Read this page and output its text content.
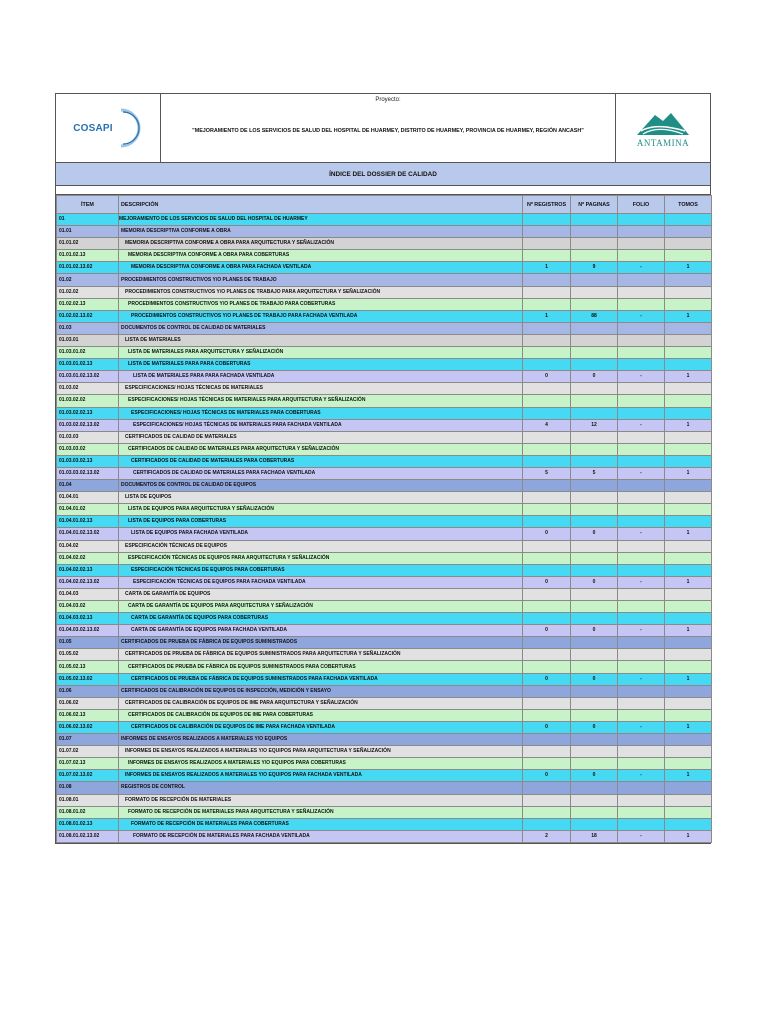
COSAPI
Proyecto:
"MEJORAMIENTO DE LOS SERVICIOS DE SALUD DEL HOSPITAL DE HUARMEY, DISTRITO DE HUARMEY, PROVINCIA DE HUARMEY, REGIÓN ANCASH"
ANTAMINA
ÍNDICE DEL DOSSIER DE CALIDAD
ÍTEM	DESCRIPCIÓN	Nº REGISTROS	Nº PAGINAS	FOLIO	TOMOS
01	MEJORAMIENTO DE LOS SERVICIOS DE SALUD DEL HOSPITAL DE HUARMEY				
01.01	MEMORIA DESCRIPTIVA CONFORME A OBRA				
01.01.02	MEMORIA DESCRIPTIVA CONFORME A OBRA PARA ARQUITECTURA Y SEÑALIZACIÓN				
01.01.02.13	MEMORIA DESCRIPTIVA CONFORME A OBRA PARA COBERTURAS				
01.01.02.13.02	MEMORIA DESCRIPTIVA CONFORME A OBRA PARA FACHADA VENTILADA	1	9	-	1
01.02	PROCEDIMIENTOS CONSTRUCTIVOS Y/O PLANES DE TRABAJO				
01.02.02	PROCEDIMIENTOS CONSTRUCTIVOS Y/O PLANES DE TRABAJO PARA ARQUITECTURA Y SEÑALIZACIÓN				
01.02.02.13	PROCEDIMIENTOS CONSTRUCTIVOS Y/O PLANES DE TRABAJO PARA COBERTURAS				
01.02.02.13.02	PROCEDIMIENTOS CONSTRUCTIVOS Y/O PLANES DE TRABAJO PARA FACHADA VENTILADA	1	88	-	1
01.03	DOCUMENTOS DE CONTROL DE CALIDAD DE MATERIALES				
01.03.01	LISTA DE MATERIALES				
01.03.01.02	LISTA DE MATERIALES PARA ARQUITECTURA Y SEÑALIZACIÓN				
01.03.01.02.13	LISTA DE MATERIALES PARA PARA COBERTURAS				
01.03.01.02.13.02	LISTA DE MATERIALES PARA PARA FACHADA VENTILADA	0	0	-	1
01.03.02	ESPECIFICACIONES/ HOJAS TÉCNICAS DE MATERIALES				
01.03.02.02	ESPECIFICACIONES/ HOJAS TÉCNICAS DE MATERIALES PARA ARQUITECTURA Y SEÑALIZACIÓN				
01.03.02.02.13	ESPECIFICACIONES/ HOJAS TÉCNICAS DE MATERIALES PARA COBERTURAS				
01.03.02.02.13.02	ESPECIFICACIONES/ HOJAS TÉCNICAS DE MATERIALES PARA FACHADA VENTILADA	4	12	-	1
01.03.03	CERTIFICADOS DE CALIDAD DE MATERIALES				
01.03.03.02	CERTIFICADOS DE CALIDAD DE MATERIALES PARA ARQUITECTURA Y SEÑALIZACIÓN				
01.03.03.02.13	CERTIFICADOS DE CALIDAD DE MATERIALES PARA COBERTURAS				
01.03.03.02.13.02	CERTIFICADOS DE CALIDAD DE MATERIALES PARA FACHADA VENTILADA	5	5	-	1
01.04	DOCUMENTOS DE CONTROL DE CALIDAD DE EQUIPOS				
01.04.01	LISTA DE EQUIPOS				
01.04.01.02	LISTA DE EQUIPOS PARA ARQUITECTURA Y SEÑALIZACIÓN				
01.04.01.02.13	LISTA DE EQUIPOS PARA COBERTURAS				
01.04.01.02.13.02	LISTA DE EQUIPOS PARA FACHADA VENTILADA	0	0	-	1
01.04.02	ESPECIFICACIÓN TÉCNICAS DE EQUIPOS				
01.04.02.02	ESPECIFICACIÓN TÉCNICAS DE EQUIPOS PARA ARQUITECTURA Y SEÑALIZACIÓN				
01.04.02.02.13	ESPECIFICACIÓN TÉCNICAS DE EQUIPOS PARA COBERTURAS				
01.04.02.02.13.02	ESPECIFICACIÓN TÉCNICAS DE EQUIPOS PARA FACHADA VENTILADA	0	0	-	1
01.04.03	CARTA DE GARANTÍA DE EQUIPOS				
01.04.03.02	CARTA DE GARANTÍA DE EQUIPOS PARA ARQUITECTURA Y SEÑALIZACIÓN				
01.04.03.02.13	CARTA DE GARANTÍA DE EQUIPOS PARA COBERTURAS				
01.04.03.02.13.02	CARTA DE GARANTÍA DE EQUIPOS PARA FACHADA VENTILADA	0	0	-	1
01.05	CERTIFICADOS DE PRUEBA DE FÁBRICA DE EQUIPOS SUMINISTRADOS				
01.05.02	CERTIFICADOS DE PRUEBA DE FÁBRICA DE EQUIPOS SUMINISTRADOS PARA ARQUITECTURA Y SEÑALIZACIÓN				
01.05.02.13	CERTIFICADOS DE PRUEBA DE FÁBRICA DE EQUIPOS SUMINISTRADOS PARA COBERTURAS				
01.05.02.13.02	CERTIFICADOS DE PRUEBA DE FÁBRICA DE EQUIPOS SUMINISTRADOS PARA FACHADA VENTILADA	0	0	-	1
01.06	CERTIFICADOS DE CALIBRACIÓN DE EQUIPOS DE INSPECCIÓN, MEDICIÓN Y ENSAYO				
01.06.02	CERTIFICADOS DE CALIBRACIÓN DE EQUIPOS DE IME PARA ARQUITECTURA Y SEÑALIZACIÓN				
01.06.02.13	CERTIFICADOS DE CALIBRACIÓN DE EQUIPOS DE IME PARA COBERTURAS				
01.06.02.13.02	CERTIFICADOS DE CALIBRACIÓN DE EQUIPOS DE IME PARA FACHADA VENTILADA	0	0	-	1
01.07	INFORMES DE ENSAYOS REALIZADOS A MATERIALES Y/O EQUIPOS				
01.07.02	INFORMES DE ENSAYOS REALIZADOS A MATERIALES Y/O EQUIPOS PARA ARQUITECTURA Y SEÑALIZACIÓN				
01.07.02.13	INFORMES DE ENSAYOS REALIZADOS A MATERIALES Y/O EQUIPOS PARA COBERTURAS				
01.07.02.13.02	INFORMES DE ENSAYOS REALIZADOS A MATERIALES Y/O EQUIPOS PARA FACHADA VENTILADA	0	0	-	1
01.08	REGISTROS DE CONTROL				
01.08.01	FORMATO DE RECEPCIÓN DE MATERIALES				
01.08.01.02	FORMATO DE RECEPCIÓN DE MATERIALES PARA ARQUITECTURA Y SEÑALIZACIÓN				
01.08.01.02.13	FORMATO DE RECEPCIÓN DE MATERIALES PARA COBERTURAS				
01.08.01.02.13.02	FORMATO DE RECEPCIÓN DE MATERIALES PARA FACHADA VENTILADA	2	18	-	1
